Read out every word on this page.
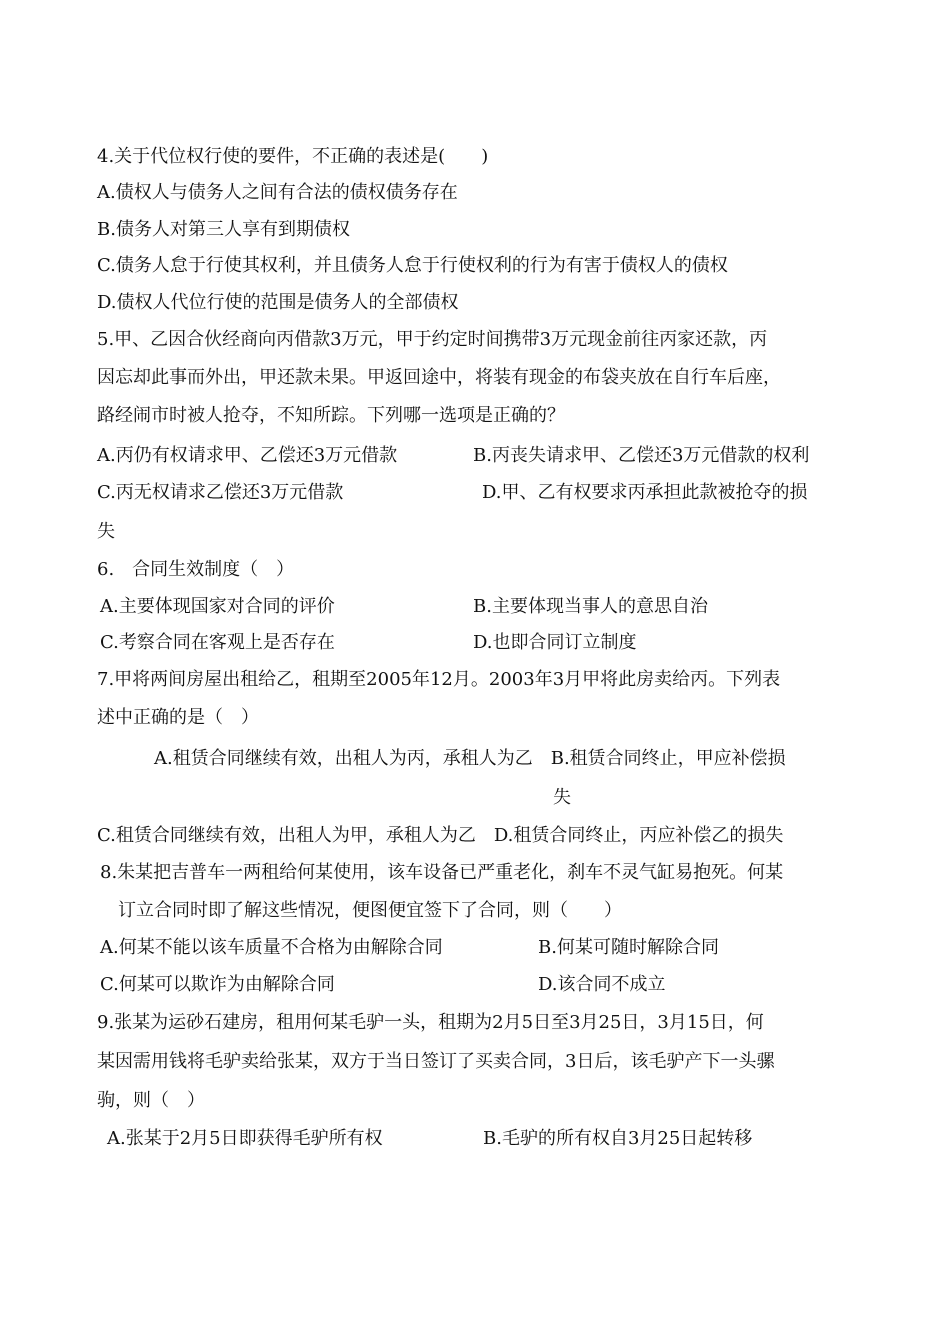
4.关于代位权行使的要件，不正确的表述是(　　)
A.债权人与债务人之间有合法的债权债务存在
B.债务人对第三人享有到期债权
C.债务人怠于行使其权利，并且债务人怠于行使权利的行为有害于债权人的债权
D.债权人代位行使的范围是债务人的全部债权
5.甲、乙因合伙经商向丙借款3万元，甲于约定时间携带3万元现金前往丙家还款，丙
因忘却此事而外出，甲还款未果。甲返回途中，将装有现金的布袋夹放在自行车后座，
路经闹市时被人抢夺，不知所踪。下列哪一选项是正确的？
A.丙仍有权请求甲、乙偿还3万元借款	B.丙丧失请求甲、乙偿还3万元借款的权利
C.丙无权请求乙偿还3万元借款	D.甲、乙有权要求丙承担此款被抢夺的损
失
6.　合同生效制度（　）
A.主要体现国家对合同的评价	B.主要体现当事人的意思自治
C.考察合同在客观上是否存在	D.也即合同订立制度
7.甲将两间房屋出租给乙，租期至2005年12月。2003年3月甲将此房卖给丙。下列表
述中正确的是（　）
A.租赁合同继续有效，出租人为丙，承租人为乙　B.租赁合同终止，甲应补偿损
失
C.租赁合同继续有效，出租人为甲，承租人为乙　D.租赁合同终止，丙应补偿乙的损失
8.朱某把吉普车一两租给何某使用，该车设备已严重老化，刹车不灵气缸易抱死。何某
订立合同时即了解这些情况，便图便宜签下了合同，则（　　）
A.何某不能以该车质量不合格为由解除合同	B.何某可随时解除合同
C.何某可以欺诈为由解除合同	D.该合同不成立
9.张某为运砂石建房，租用何某毛驴一头，租期为2月5日至3月25日，3月15日，何
某因需用钱将毛驴卖给张某，双方于当日签订了买卖合同，3日后，该毛驴产下一头骡
驹，则（　）
A.张某于2月5日即获得毛驴所有权	B.毛驴的所有权自3月25日起转移
